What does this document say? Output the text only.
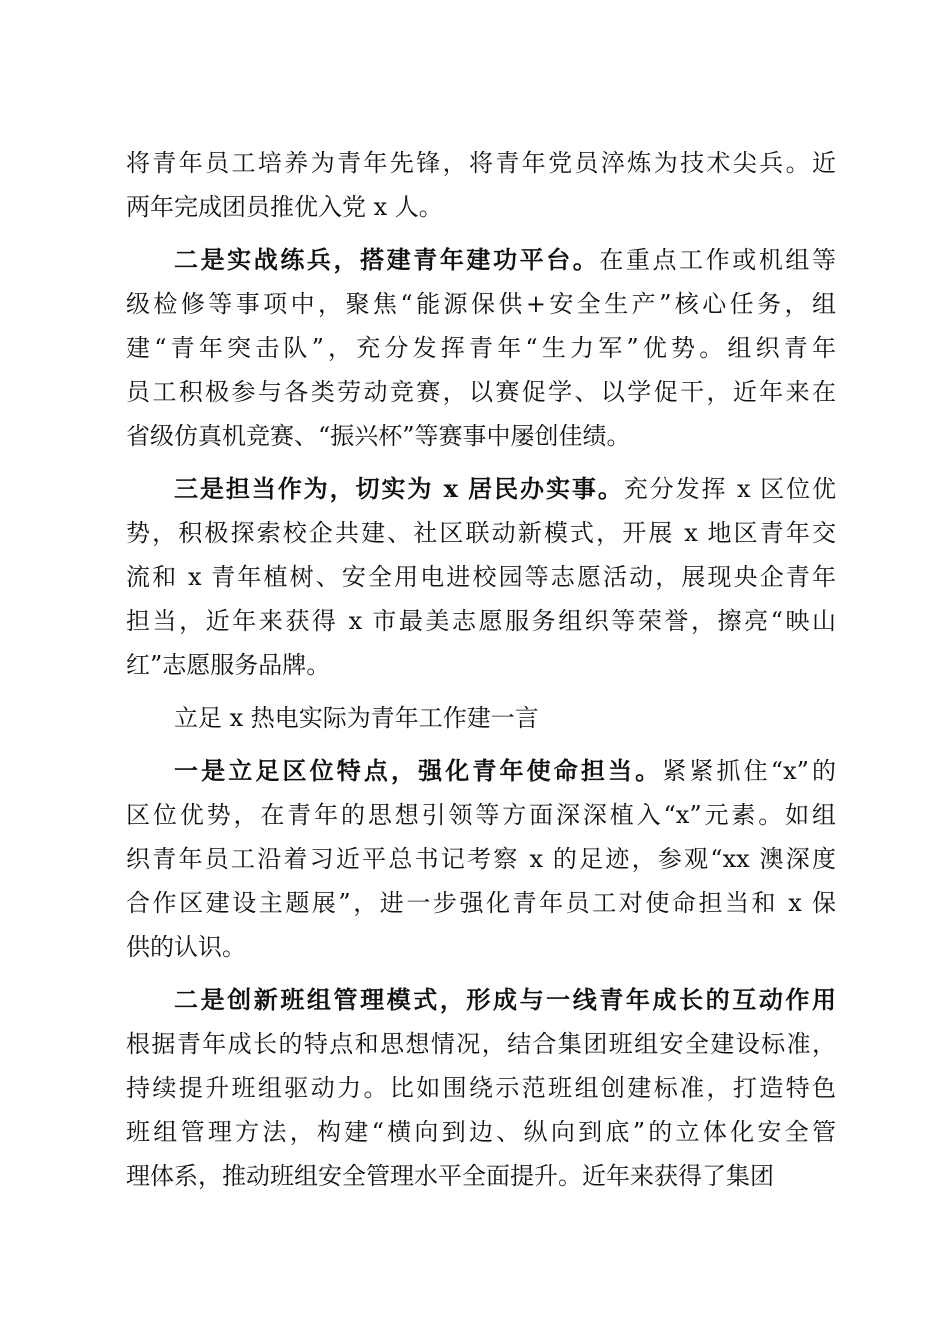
将青年员工培养为青年先锋，将青年党员淬炼为技术尖兵。近
两年完成团员推优入党 x 人。
二是实战练兵，搭建青年建功平台。在重点工作或机组等
级检修等事项中，聚焦“能源保供+安全生产”核心任务，组
建“青年突击队”，充分发挥青年“生力军”优势。组织青年
员工积极参与各类劳动竞赛，以赛促学、以学促干，近年来在
省级仿真机竞赛、“振兴杯”等赛事中屡创佳绩。
三是担当作为，切实为 x 居民办实事。充分发挥 x 区位优
势，积极探索校企共建、社区联动新模式，开展 x 地区青年交
流和 x 青年植树、安全用电进校园等志愿活动，展现央企青年
担当，近年来获得 x 市最美志愿服务组织等荣誉，擦亮“映山
红”志愿服务品牌。
立足 x 热电实际为青年工作建一言
一是立足区位特点，强化青年使命担当。紧紧抓住“x”的
区位优势，在青年的思想引领等方面深深植入“x”元素。如组
织青年员工沿着习近平总书记考察 x 的足迹，参观“xx 澳深度
合作区建设主题展”，进一步强化青年员工对使命担当和 x 保
供的认识。
二是创新班组管理模式，形成与一线青年成长的互动作用
根据青年成长的特点和思想情况，结合集团班组安全建设标准，
持续提升班组驱动力。比如围绕示范班组创建标准，打造特色
班组管理方法，构建“横向到边、纵向到底”的立体化安全管
理体系，推动班组安全管理水平全面提升。近年来获得了集团
